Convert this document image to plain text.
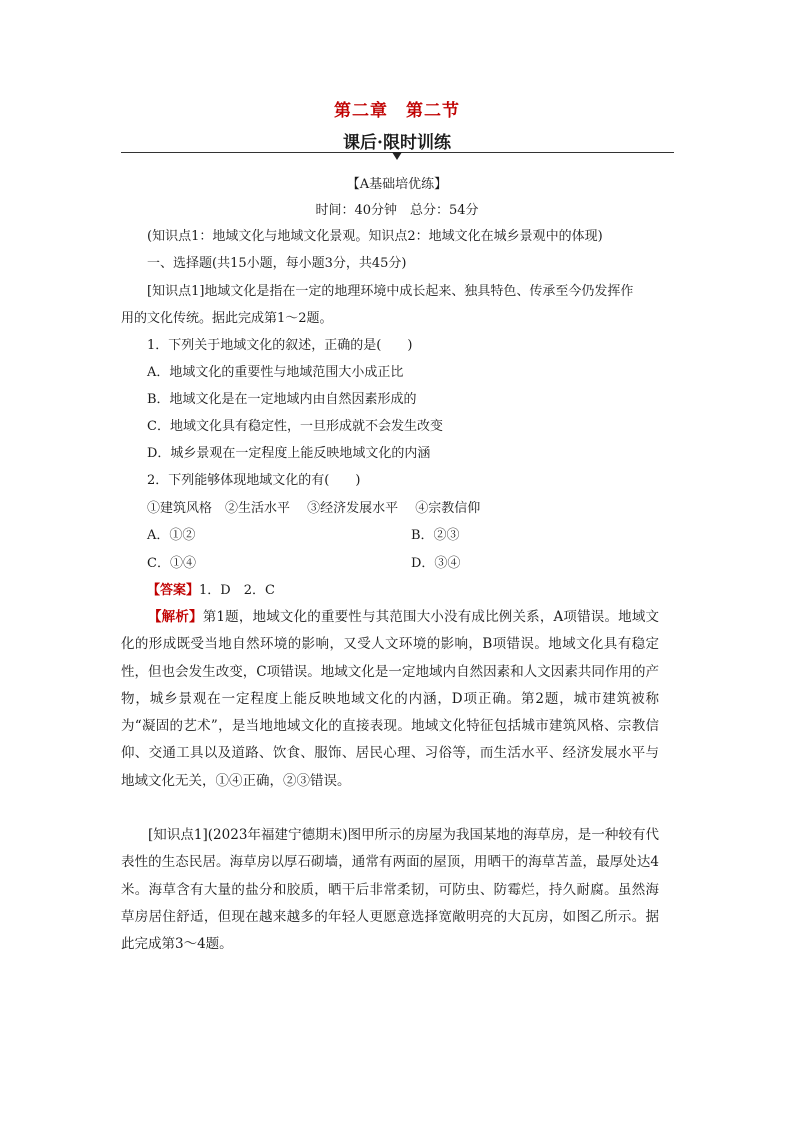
第二章　第二节
课后·限时训练
【A基础培优练】
时间：40分钟　总分：54分
(知识点1：地域文化与地域文化景观。知识点2：地域文化在城乡景观中的体现)
一、选择题(共15小题，每小题3分，共45分)
[知识点1]地域文化是指在一定的地理环境中成长起来、独具特色、传承至今仍发挥作
用的文化传统。据此完成第1～2题。
1．下列关于地域文化的叙述，正确的是(　　)
A．地域文化的重要性与地域范围大小成正比
B．地域文化是在一定地域内由自然因素形成的
C．地域文化具有稳定性，一旦形成就不会发生改变
D．城乡景观在一定程度上能反映地域文化的内涵
2．下列能够体现地域文化的有(　　)
①建筑风格　②生活水平　 ③经济发展水平　 ④宗教信仰
A．①②	B．②③
C．①④	D．③④
【答案】1．D　2．C
【解析】第1题，地域文化的重要性与其范围大小没有成比例关系，A项错误。地域文化的形成既受当地自然环境的影响，又受人文环境的影响，B项错误。地域文化具有稳定性，但也会发生改变，C项错误。地域文化是一定地域内自然因素和人文因素共同作用的产物，城乡景观在一定程度上能反映地域文化的内涵，D项正确。第2题，城市建筑被称为“凝固的艺术”，是当地地域文化的直接表现。地域文化特征包括城市建筑风格、宗教信仰、交通工具以及道路、饮食、服饰、居民心理、习俗等，而生活水平、经济发展水平与地域文化无关，①④正确，②③错误。
[知识点1](2023年福建宁德期末)图甲所示的房屋为我国某地的海草房，是一种较有代表性的生态民居。海草房以厚石砌墙，通常有两面的屋顶，用晒干的海草苫盖，最厚处达4米。海草含有大量的盐分和胶质，晒干后非常柔韧，可防虫、防霉烂，持久耐腐。虽然海草房居住舒适，但现在越来越多的年轻人更愿意选择宽敞明亮的大瓦房，如图乙所示。据此完成第3～4题。
